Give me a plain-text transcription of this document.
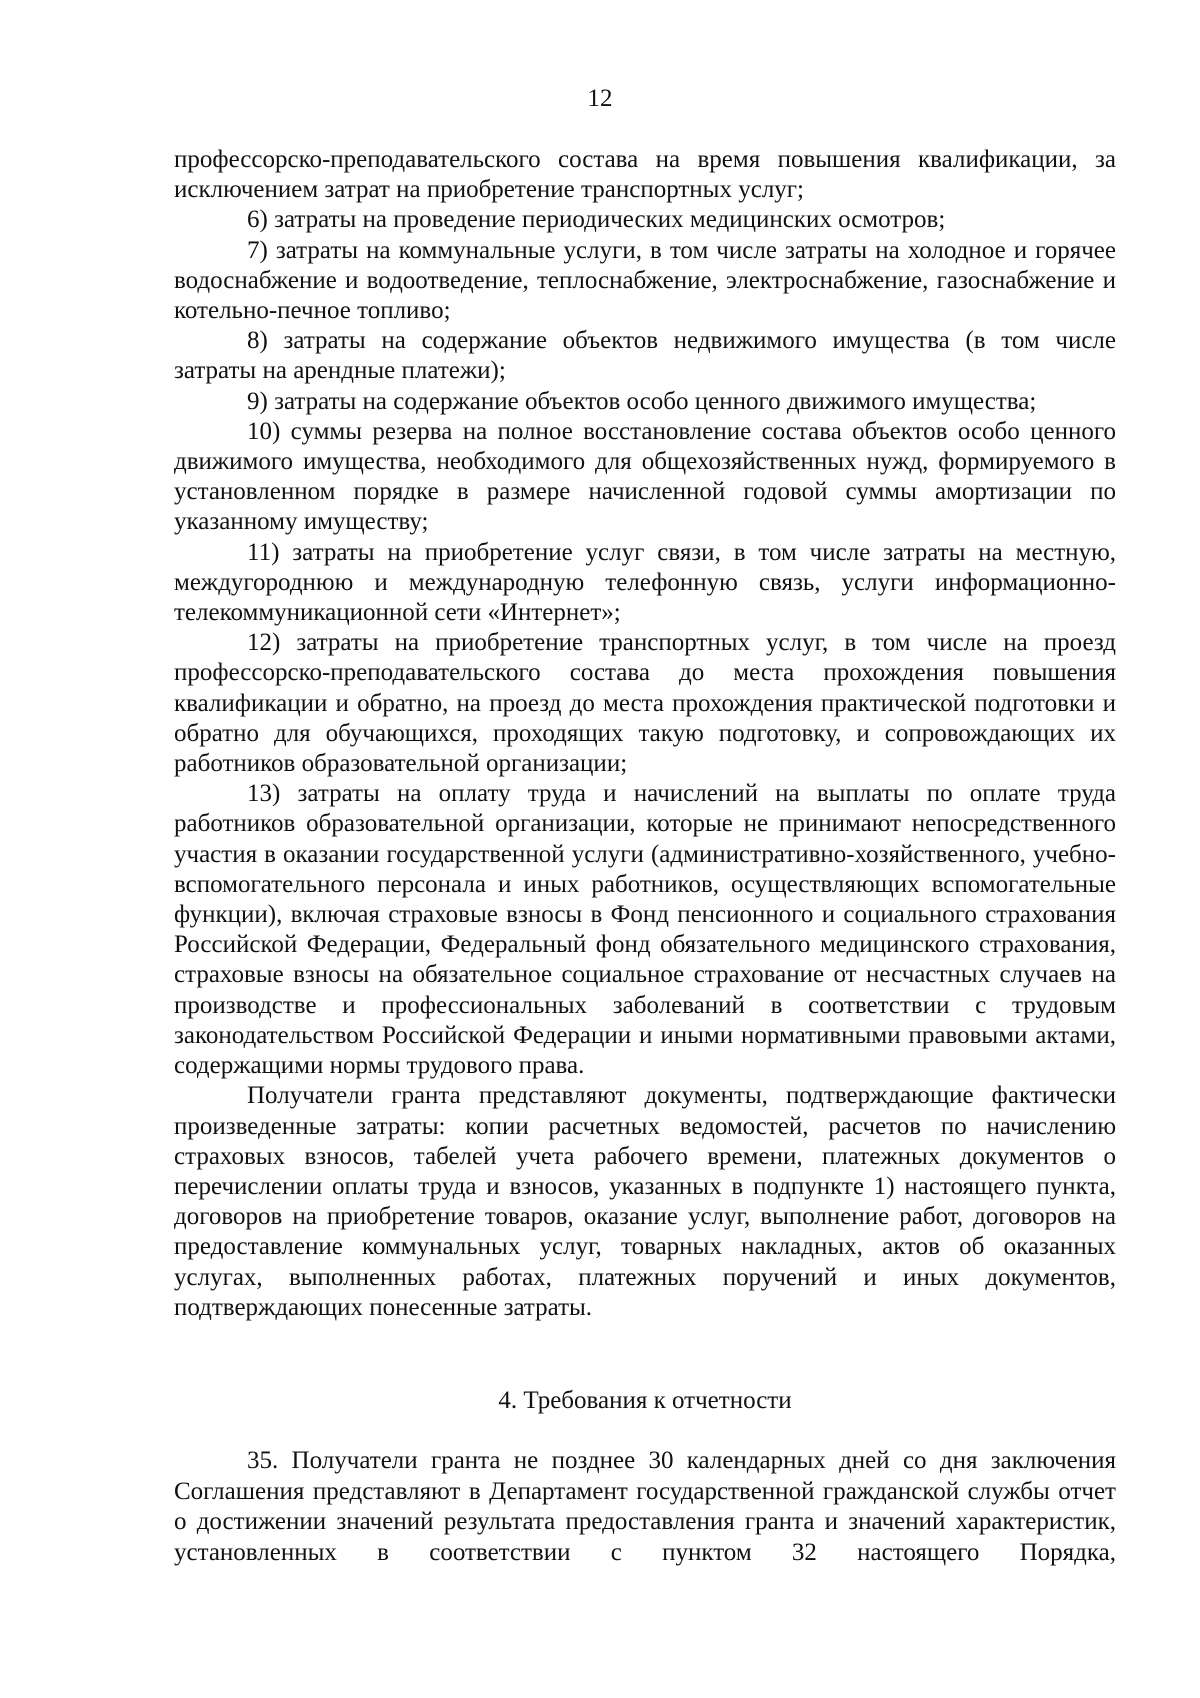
12

профессорско-преподавательского состава на время повышения квалификации, за исключением затрат на приобретение транспортных услуг;

6) затраты на проведение периодических медицинских осмотров;

7) затраты на коммунальные услуги, в том числе затраты на холодное и горячее водоснабжение и водоотведение, теплоснабжение, электроснабжение, газоснабжение и котельно-печное топливо;

8) затраты на содержание объектов недвижимого имущества (в том числе затраты на арендные платежи);

9) затраты на содержание объектов особо ценного движимого имущества;

10) суммы резерва на полное восстановление состава объектов особо ценного движимого имущества, необходимого для общехозяйственных нужд, формируемого в установленном порядке в размере начисленной годовой суммы амортизации по указанному имуществу;

11) затраты на приобретение услуг связи, в том числе затраты на местную, междугороднюю и международную телефонную связь, услуги информационно-телекоммуникационной сети «Интернет»;

12) затраты на приобретение транспортных услуг, в том числе на проезд профессорско-преподавательского состава до места прохождения повышения квалификации и обратно, на проезд до места прохождения практической подготовки и обратно для обучающихся, проходящих такую подготовку, и сопровождающих их работников образовательной организации;

13) затраты на оплату труда и начислений на выплаты по оплате труда работников образовательной организации, которые не принимают непосредственного участия в оказании государственной услуги (административно-хозяйственного, учебно-вспомогательного персонала и иных работников, осуществляющих вспомогательные функции), включая страховые взносы в Фонд пенсионного и социального страхования Российской Федерации, Федеральный фонд обязательного медицинского страхования, страховые взносы на обязательное социальное страхование от несчастных случаев на производстве и профессиональных заболеваний в соответствии с трудовым законодательством Российской Федерации и иными нормативными правовыми актами, содержащими нормы трудового права.

Получатели гранта представляют документы, подтверждающие фактически произведенные затраты: копии расчетных ведомостей, расчетов по начислению страховых взносов, табелей учета рабочего времени, платежных документов о перечислении оплаты труда и взносов, указанных в подпункте 1) настоящего пункта, договоров на приобретение товаров, оказание услуг, выполнение работ, договоров на предоставление коммунальных услуг, товарных накладных, актов об оказанных услугах, выполненных работах, платежных поручений и иных документов, подтверждающих понесенные затраты.

4. Требования к отчетности

35. Получатели гранта не позднее 30 календарных дней со дня заключения Соглашения представляют в Департамент государственной гражданской службы отчет о достижении значений результата предоставления гранта и значений характеристик, установленных в соответствии с пунктом 32 настоящего Порядка,
